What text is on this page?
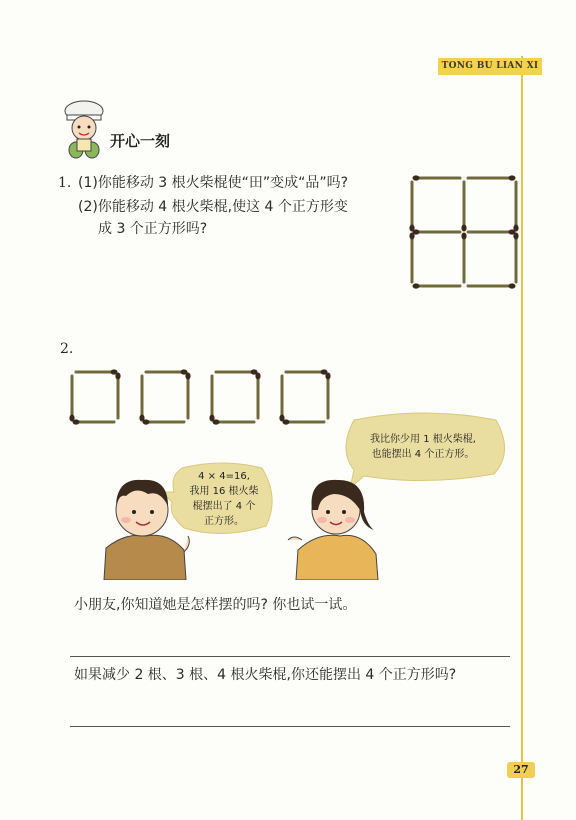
TONG BU LIAN XI
开心一刻
1. (1)你能移动 3 根火柴棍使“田”变成“品”吗?
(2)你能移动 4 根火柴棍,使这 4 个正方形变
成 3 个正方形吗?
2.
我比你少用 1 根火柴棍,
也能摆出 4 个正方形。
4 × 4=16,
我用 16 根火柴
棍摆出了 4 个
正方形。
小朋友,你知道她是怎样摆的吗? 你也试一试。
如果减少 2 根、3 根、4 根火柴棍,你还能摆出 4 个正方形吗?
27
